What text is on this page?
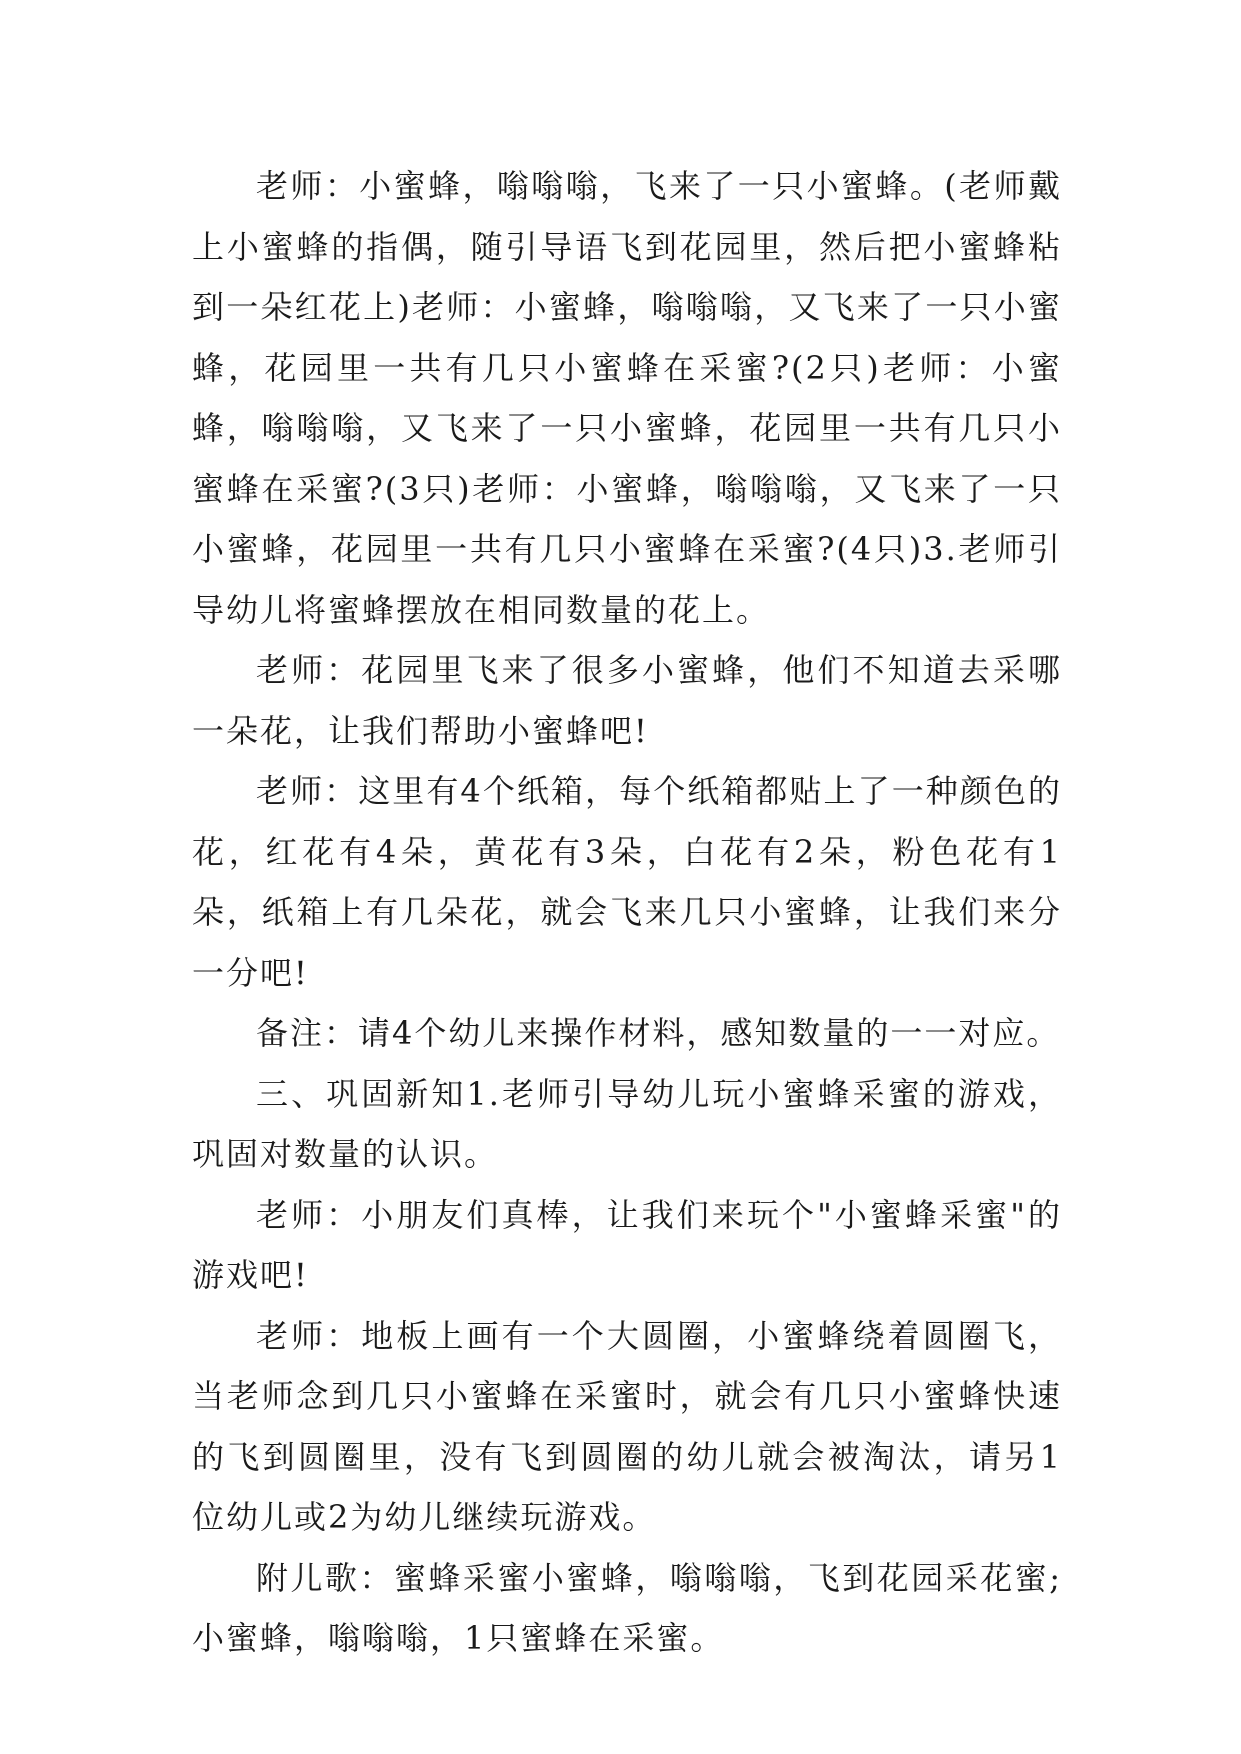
老师：小蜜蜂，嗡嗡嗡，飞来了一只小蜜蜂。(老师戴上小蜜蜂的指偶，随引导语飞到花园里，然后把小蜜蜂粘到一朵红花上)老师：小蜜蜂，嗡嗡嗡，又飞来了一只小蜜蜂，花园里一共有几只小蜜蜂在采蜜?(2只)老师：小蜜蜂，嗡嗡嗡，又飞来了一只小蜜蜂，花园里一共有几只小蜜蜂在采蜜?(3只)老师：小蜜蜂，嗡嗡嗡，又飞来了一只小蜜蜂，花园里一共有几只小蜜蜂在采蜜?(4只)3.老师引导幼儿将蜜蜂摆放在相同数量的花上。

老师：花园里飞来了很多小蜜蜂，他们不知道去采哪一朵花，让我们帮助小蜜蜂吧!

老师：这里有4个纸箱，每个纸箱都贴上了一种颜色的花，红花有4朵，黄花有3朵，白花有2朵，粉色花有1朵，纸箱上有几朵花，就会飞来几只小蜜蜂，让我们来分一分吧!

备注：请4个幼儿来操作材料，感知数量的一一对应。

三、巩固新知1.老师引导幼儿玩小蜜蜂采蜜的游戏，巩固对数量的认识。

老师：小朋友们真棒，让我们来玩个"小蜜蜂采蜜"的游戏吧!

老师：地板上画有一个大圆圈，小蜜蜂绕着圆圈飞，当老师念到几只小蜜蜂在采蜜时，就会有几只小蜜蜂快速的飞到圆圈里，没有飞到圆圈的幼儿就会被淘汰，请另1位幼儿或2为幼儿继续玩游戏。

附儿歌：蜜蜂采蜜小蜜蜂，嗡嗡嗡，飞到花园采花蜜;小蜜蜂，嗡嗡嗡，1只蜜蜂在采蜜。
